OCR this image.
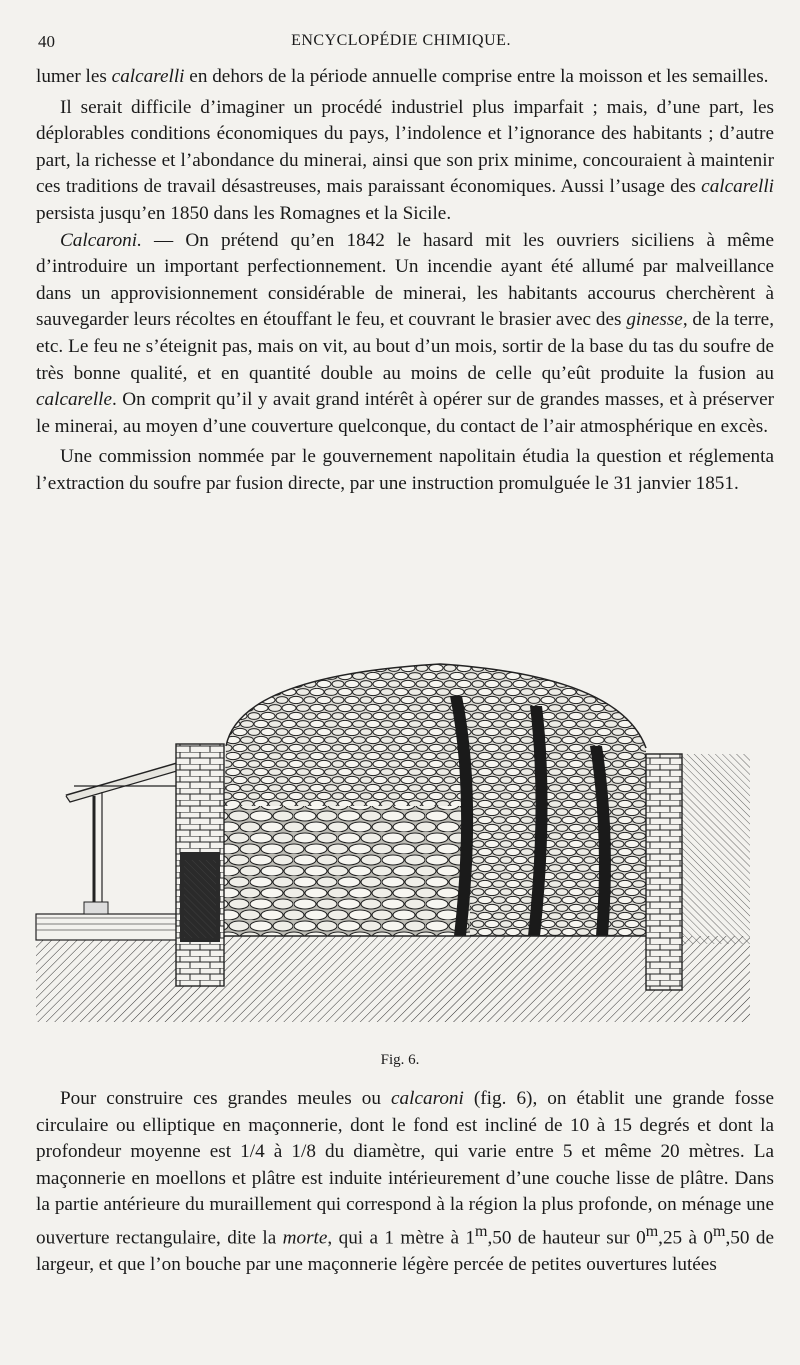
40	ENCYCLOPÉDIE CHIMIQUE.

lumer les calcarelli en dehors de la période annuelle comprise entre la moisson et les semailles.

Il serait difficile d’imaginer un procédé industriel plus imparfait ; mais, d’une part, les déplorables conditions économiques du pays, l’indolence et l’ignorance des habitants ; d’autre part, la richesse et l’abondance du minerai, ainsi que son prix minime, concouraient à maintenir ces traditions de travail désastreuses, mais paraissant économiques. Aussi l’usage des calcarelli persista jusqu’en 1850 dans les Romagnes et la Sicile.

Calcaroni. — On prétend qu’en 1842 le hasard mit les ouvriers siciliens à même d’introduire un important perfectionnement. Un incendie ayant été allumé par malveillance dans un approvisionnement considérable de minerai, les habitants accourus cherchèrent à sauvegarder leurs récoltes en étouffant le feu, et couvrant le brasier avec des ginesse, de la terre, etc. Le feu ne s’éteignit pas, mais on vit, au bout d’un mois, sortir de la base du tas du soufre de très bonne qualité, et en quantité double au moins de celle qu’eût produite la fusion au calcarelle. On comprit qu’il y avait grand intérêt à opérer sur de grandes masses, et à préserver le minerai, au moyen d’une couverture quelconque, du contact de l’air atmosphérique en excès.

Une commission nommée par le gouvernement napolitain étudia la question et réglementa l’extraction du soufre par fusion directe, par une instruction promulguée le 31 janvier 1851.

Fig. 6.

Pour construire ces grandes meules ou calcaroni (fig. 6), on établit une grande fosse circulaire ou elliptique en maçonnerie, dont le fond est incliné de 10 à 15 degrés et dont la profondeur moyenne est 1/4 à 1/8 du diamètre, qui varie entre 5 et même 20 mètres. La maçonnerie en moellons et plâtre est induite intérieurement d’une couche lisse de plâtre. Dans la partie antérieure du muraillement qui correspond à la région la plus profonde, on ménage une ouverture rectangulaire, dite la morte, qui a 1 mètre à 1$^m$,50 de hauteur sur 0$^m$,25 à 0$^m$,50 de largeur, et que l’on bouche par une maçonnerie légère percée de petites ouvertures lutées
